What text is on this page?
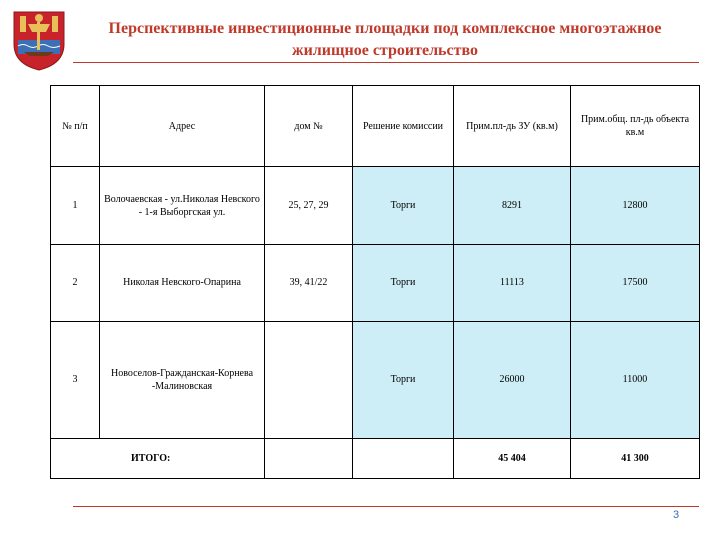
Перспективные инвестиционные площадки под комплексное многоэтажное жилищное строительство
№ п/п	Адрес	дом №	Решение комиссии	Прим.пл-дь ЗУ (кв.м)	Прим.общ. пл-дь объекта кв.м
1	Волочаевская - ул.Николая Невского - 1-я Выборгская ул.	25, 27, 29	Торги	8291	12800
2	Николая Невского-Опарина	39, 41/22	Торги	11113	17500
3	Новоселов-Гражданская-Корнева -Малиновская		Торги	26000	11000
ИТОГО:				45 404	41 300
3
